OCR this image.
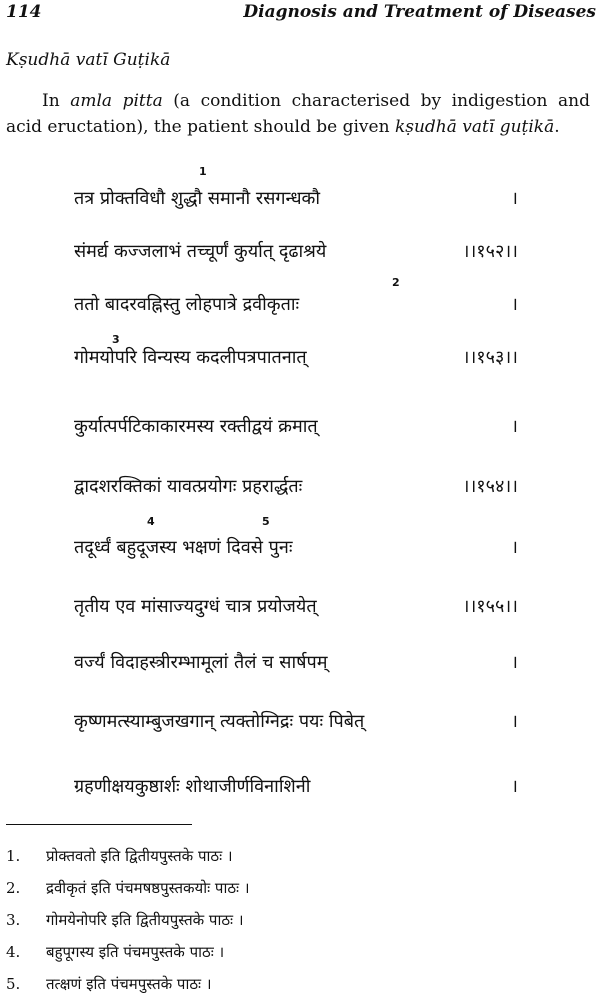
114	Diagnosis and Treatment of Diseases
Kṣudhā vatī Guṭikā

In amla pitta (a condition characterised by indigestion and acid eructation), the patient should be given kṣudhā vatī guṭikā.

तत्र प्रोक्तविधौ शुद्धौ समानौ रसगन्धकौ	।
संमर्द्य कज्जलाभं तच्चूर्णं कुर्यात् दृढाश्रये	।।१५२।।
ततो बादरवह्निस्तु लोहपात्रे द्रवीकृताः	।
गोमयोपरि विन्यस्य कदलीपत्रपातनात्	।।१५३।।
कुर्यात्पर्पटिकाकारमस्य रक्तीद्वयं क्रमात्	।
द्वादशरक्तिकां यावत्प्रयोगः प्रहरार्द्धतः	।।१५४।।
तदूर्ध्वं बहुदूजस्य भक्षणं दिवसे पुनः	।
तृतीय एव मांसाज्यदुग्धं चात्र प्रयोजयेत्	।।१५५।।
वर्ज्यं विदाहस्त्रीरम्भामूलां तैलं च सार्षपम्	।
कृष्णमत्स्याम्बुजखगान् त्यक्तोग्निद्रः पयः पिबेत्	।
ग्रहणीक्षयकुष्ठार्शः शोथाजीर्णविनाशिनी	।
1
2
3
4	5
1. प्रोक्तवतो इति द्वितीयपुस्तके पाठः ।
2. द्रवीकृतं इति पंचमषष्ठपुस्तकयोः पाठः ।
3. गोमयेनोपरि इति द्वितीयपुस्तके पाठः ।
4. बहुपूगस्य इति पंचमपुस्तके पाठः ।
5. तत्क्षणं इति पंचमपुस्तके पाठः ।
